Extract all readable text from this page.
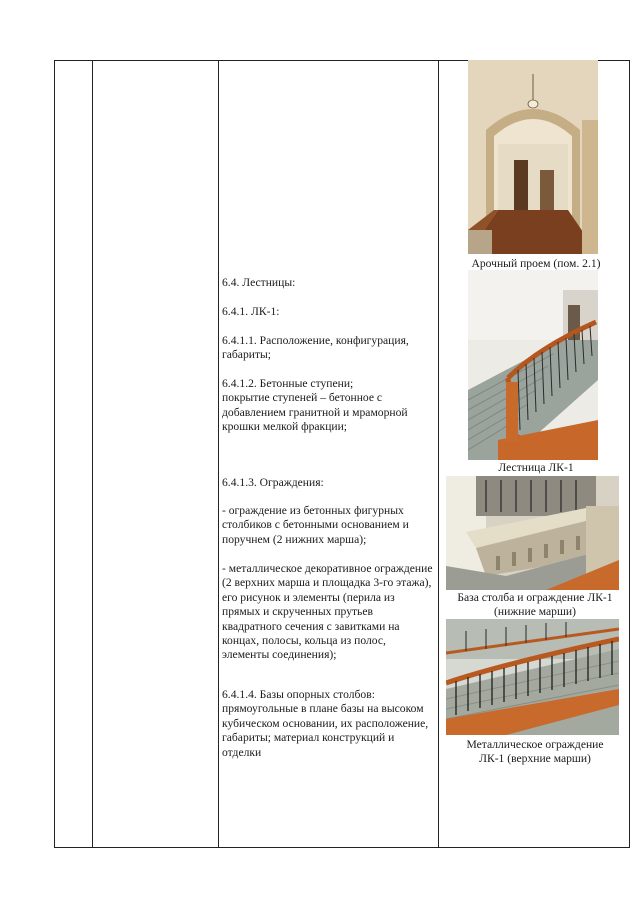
6.4. Лестницы:

6.4.1. ЛК-1:

6.4.1.1. Расположение, конфигурация, габариты;

6.4.1.2. Бетонные ступени;
покрытие ступеней – бетонное с добавлением гранитной и мраморной крошки мелкой фракции;

6.4.1.3. Ограждения:

- ограждение из бетонных фигурных столбиков с бетонными основанием и поручнем (2 нижних марша);

- металлическое декоративное ограждение (2 верхних марша и площадка 3-го этажа), его рисунок и элементы (перила из прямых и скрученных прутьев квадратного сечения с завитками на концах, полосы, кольца из полос, элементы соединения);

6.4.1.4. Базы опорных столбов: прямоугольные в плане базы на высоком кубическом основании, их расположение, габариты; материал конструкций и отделки

Арочный проем (пом. 2.1)
Лестница ЛК-1
База столба и ограждение ЛК-1
(нижние марши)
Металлическое ограждение
ЛК-1 (верхние марши)
